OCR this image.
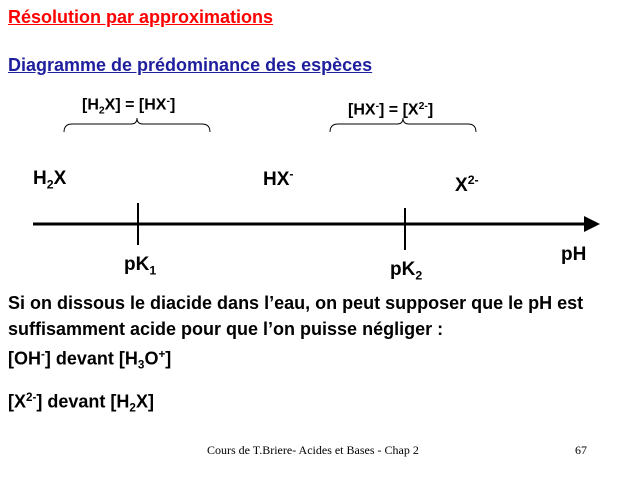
Résolution par approximations
Diagramme de prédominance des espèces
$[H_2X] = [HX^-]$	$[HX^-] = [X^{2-}]$
$H_2X$	HX-
$X^{2-}$
$pK_1$	$pK_2$
pH
Si on dissous le diacide dans l’eau, on peut supposer que le pH est suffisamment acide pour que l’on puisse négliger :
[OH-] devant $[H_3O^+]$
$[X^{2-}]$ devant $[H_2X]$
Cours de T.Briere- Acides et Bases - Chap 2	67
